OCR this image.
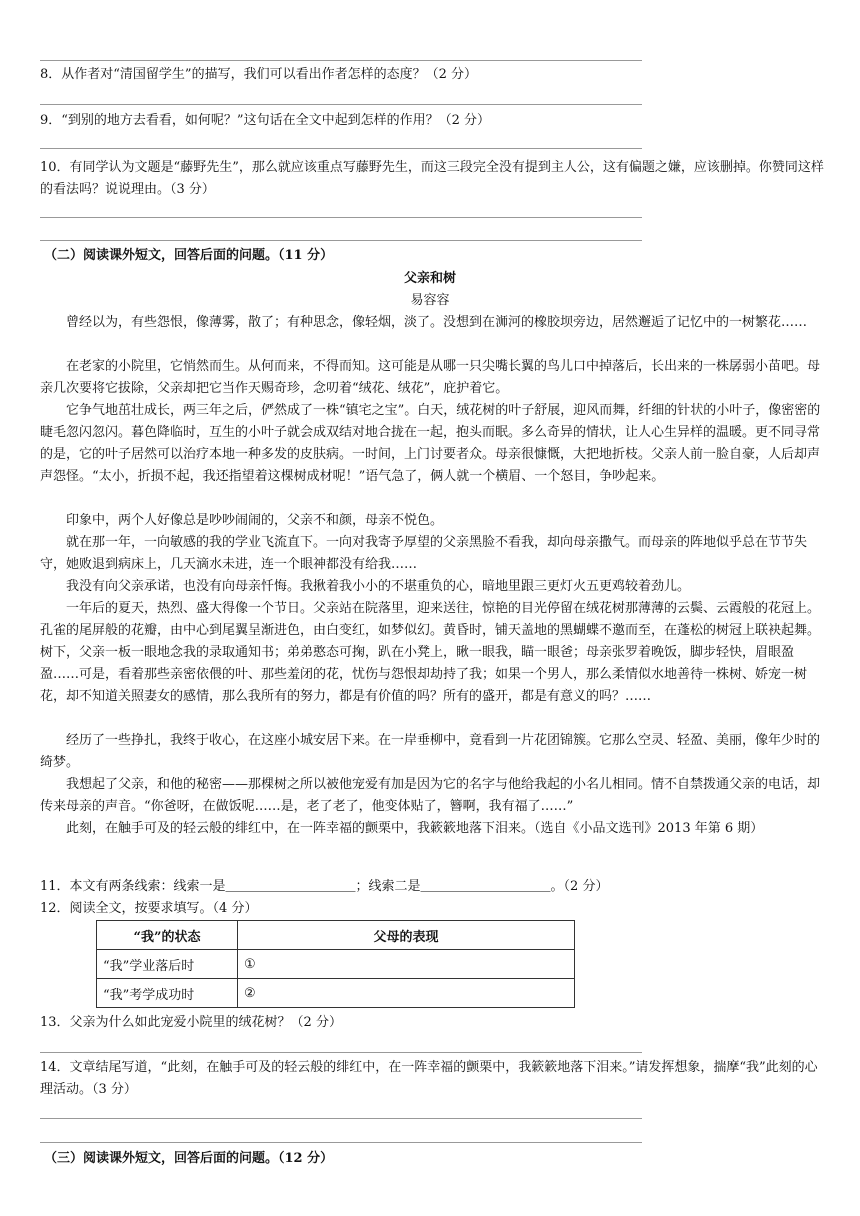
8．从作者对“清国留学生”的描写，我们可以看出作者怎样的态度？（2 分）
9．“到别的地方去看看，如何呢？”这句话在全文中起到怎样的作用？（2 分）
10．有同学认为文题是“藤野先生”，那么就应该重点写藤野先生，而这三段完全没有提到主人公，这有偏题之嫌，应该删掉。你赞同这样的看法吗？说说理由。（3 分）
（二）阅读课外短文，回答后面的问题。（11 分）
父亲和树
易容容
曾经以为，有些怨恨，像薄雾，散了；有种思念，像轻烟，淡了。没想到在浉河的橡胶坝旁边，居然邂逅了记忆中的一树繁花……
在老家的小院里，它悄然而生。从何而来，不得而知。这可能是从哪一只尖嘴长翼的鸟儿口中掉落后，长出来的一株孱弱小苗吧。母亲几次要将它拔除，父亲却把它当作天赐奇珍，念叨着“绒花、绒花”，庇护着它。
它争气地茁壮成长，两三年之后，俨然成了一株“镇宅之宝”。白天，绒花树的叶子舒展，迎风而舞，纤细的针状的小叶子，像密密的睫毛忽闪忽闪。暮色降临时，互生的小叶子就会成双结对地合拢在一起，抱头而眠。多么奇异的情状，让人心生异样的温暖。更不同寻常的是，它的叶子居然可以治疗本地一种多发的皮肤病。一时间，上门讨要者众。母亲很慷慨，大把地折枝。父亲人前一脸自豪，人后却声声怨怪。“太小，折损不起，我还指望着这棵树成材呢！”语气急了，俩人就一个横眉、一个怒目，争吵起来。
印象中，两个人好像总是吵吵闹闹的，父亲不和颜，母亲不悦色。
就在那一年，一向敏感的我的学业飞流直下。一向对我寄予厚望的父亲黑脸不看我，却向母亲撒气。而母亲的阵地似乎总在节节失守，她败退到病床上，几天滴水未进，连一个眼神都没有给我……
我没有向父亲承诺，也没有向母亲忏悔。我揪着我小小的不堪重负的心，暗地里跟三更灯火五更鸡较着劲儿。
一年后的夏天，热烈、盛大得像一个节日。父亲站在院落里，迎来送往，惊艳的目光停留在绒花树那薄薄的云鬓、云霞般的花冠上。孔雀的尾屏般的花瓣，由中心到尾翼呈渐进色，由白变红，如梦似幻。黄昏时，铺天盖地的黑蝴蝶不邀而至，在蓬松的树冠上联袂起舞。树下，父亲一板一眼地念我的录取通知书；弟弟憨态可掬，趴在小凳上，瞅一眼我，瞄一眼爸；母亲张罗着晚饭，脚步轻快，眉眼盈盈……可是，看着那些亲密依偎的叶、那些羞闭的花，忧伤与怨恨却劫持了我；如果一个男人，那么柔情似水地善待一株树、娇宠一树花，却不知道关照妻女的感情，那么我所有的努力，都是有价值的吗？所有的盛开，都是有意义的吗？……
经历了一些挣扎，我终于收心，在这座小城安居下来。在一岸垂柳中，竟看到一片花团锦簇。它那么空灵、轻盈、美丽，像年少时的绮梦。
我想起了父亲，和他的秘密——那棵树之所以被他宠爱有加是因为它的名字与他给我起的小名儿相同。情不自禁拨通父亲的电话，却传来母亲的声音。“你爸呀，在做饭呢……是，老了老了，他变体贴了，簪啊，我有福了……”
此刻，在触手可及的轻云般的绯红中，在一阵幸福的颤栗中，我簌簌地落下泪来。（选自《小品文选刊》2013 年第 6 期）
11．本文有两条线索：线索一是＿＿＿＿＿＿＿＿＿＿；线索二是＿＿＿＿＿＿＿＿＿＿。（2 分）
12．阅读全文，按要求填写。（4 分）
“我”的状态	父母的表现
“我”学业落后时	①
“我”考学成功时	②
13．父亲为什么如此宠爱小院里的绒花树？（2 分）
14．文章结尾写道，“此刻，在触手可及的轻云般的绯红中，在一阵幸福的颤栗中，我簌簌地落下泪来。”请发挥想象，揣摩“我”此刻的心理活动。（3 分）
（三）阅读课外短文，回答后面的问题。（12 分）
